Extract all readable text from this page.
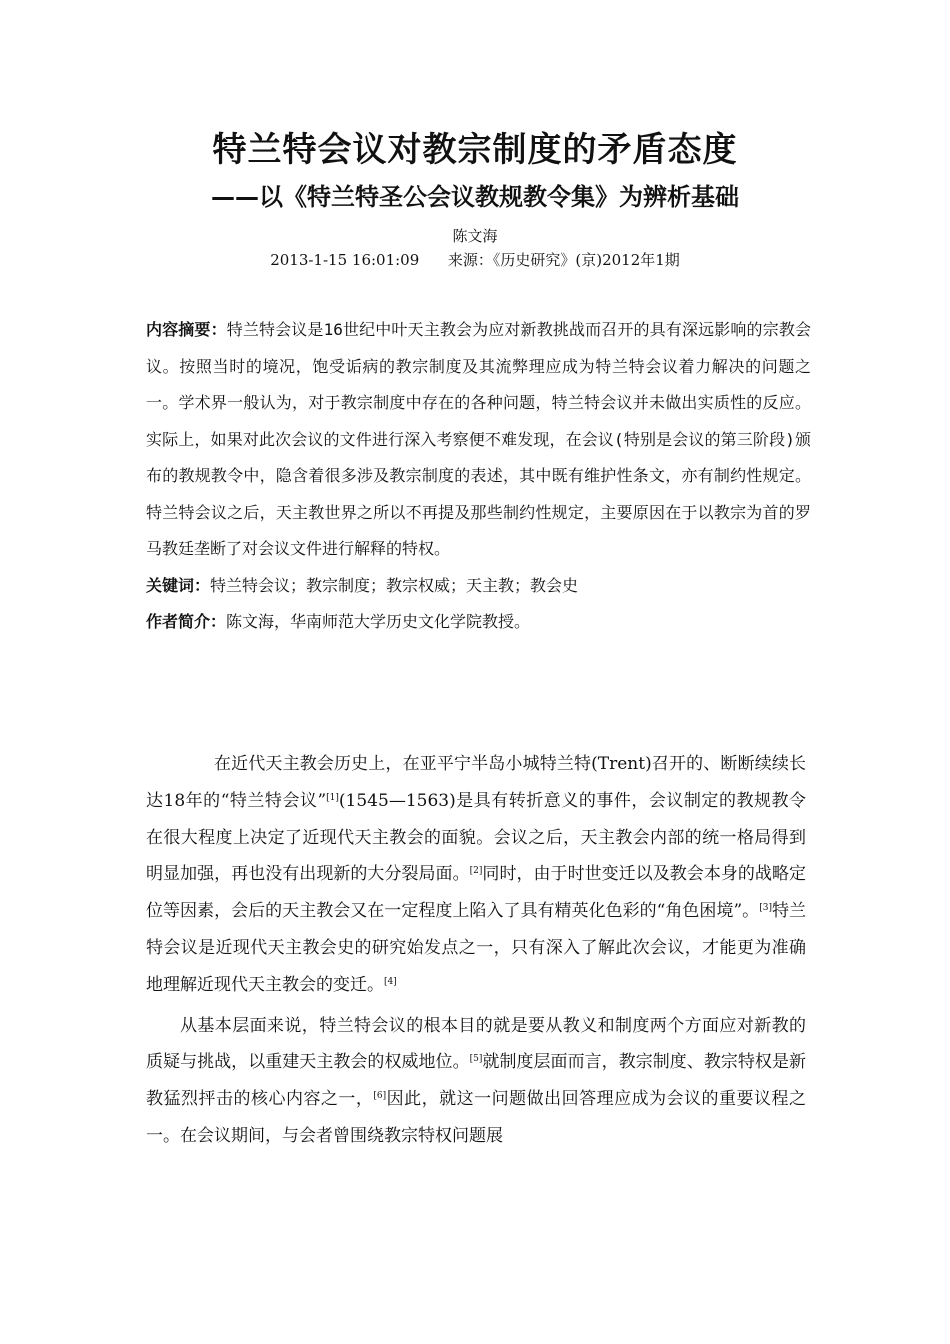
特兰特会议对教宗制度的矛盾态度
——以《特兰特圣公会议教规教令集》为辨析基础
陈文海
2013-1-15 16:01:09 来源：《历史研究》(京)2012年1期

内容摘要：特兰特会议是16世纪中叶天主教会为应对新教挑战而召开的具有深远影响的宗教会议。按照当时的境况，饱受诟病的教宗制度及其流弊理应成为特兰特会议着力解决的问题之一。学术界一般认为，对于教宗制度中存在的各种问题，特兰特会议并未做出实质性的反应。实际上，如果对此次会议的文件进行深入考察便不难发现，在会议(特别是会议的第三阶段)颁布的教规教令中，隐含着很多涉及教宗制度的表述，其中既有维护性条文，亦有制约性规定。特兰特会议之后，天主教世界之所以不再提及那些制约性规定，主要原因在于以教宗为首的罗马教廷垄断了对会议文件进行解释的特权。

关键词：特兰特会议；教宗制度；教宗权威；天主教；教会史

作者简介：陈文海，华南师范大学历史文化学院教授。

在近代天主教会历史上，在亚平宁半岛小城特兰特(Trent)召开的、断断续续长达18年的“特兰特会议”[1](1545—1563)是具有转折意义的事件，会议制定的教规教令在很大程度上决定了近现代天主教会的面貌。会议之后，天主教会内部的统一格局得到明显加强，再也没有出现新的大分裂局面。[2]同时，由于时世变迁以及教会本身的战略定位等因素，会后的天主教会又在一定程度上陷入了具有精英化色彩的“角色困境”。[3]特兰特会议是近现代天主教会史的研究始发点之一，只有深入了解此次会议，才能更为准确地理解近现代天主教会的变迁。[4]

从基本层面来说，特兰特会议的根本目的就是要从教义和制度两个方面应对新教的质疑与挑战，以重建天主教会的权威地位。[5]就制度层面而言，教宗制度、教宗特权是新教猛烈抨击的核心内容之一，[6]因此，就这一问题做出回答理应成为会议的重要议程之一。在会议期间，与会者曾围绕教宗特权问题展
